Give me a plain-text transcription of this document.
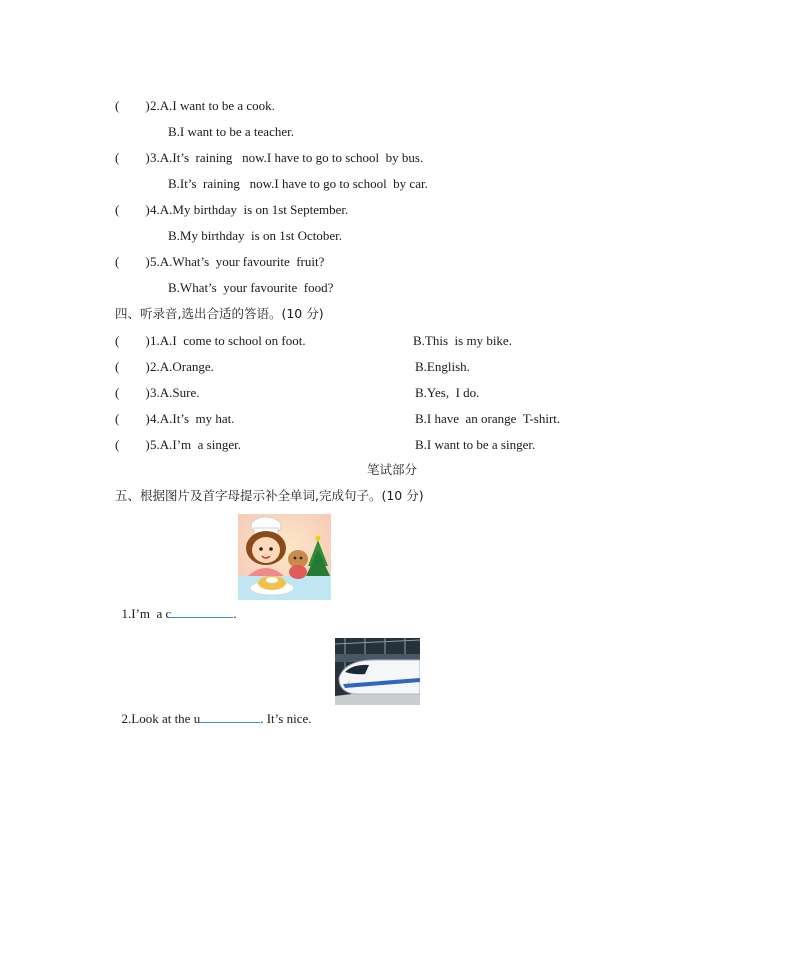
(        ) 2.A.I want to be a cook.
B.I want to be a teacher.
(        ) 3.A.It’s  raining   now.I have to go to school  by bus.
B.It’s  raining   now.I have to go to school  by car.
(        ) 4.A.My birthday  is on 1st September.
B.My birthday  is on 1st October.
(        ) 5.A.What’s  your favourite  fruit?
B.What’s  your favourite  food?
四、听录音,选出合适的答语。(10 分)
(        ) 1.A.I  come to school on foot.	B.This  is my bike.
(        ) 2.A.Orange.	B.English.
(        ) 3.A.Sure.	B.Yes,  I do.
(        ) 4.A.It’s  my hat.	B.I have  an orange  T-shirt.
(        ) 5.A.I’m  a singer.	B.I want to be a singer.
笔试部分
五、根据图片及首字母提示补全单词,完成句子。(10 分)

1.I’m  a c	.

2.Look at the u	. It’s nice.
